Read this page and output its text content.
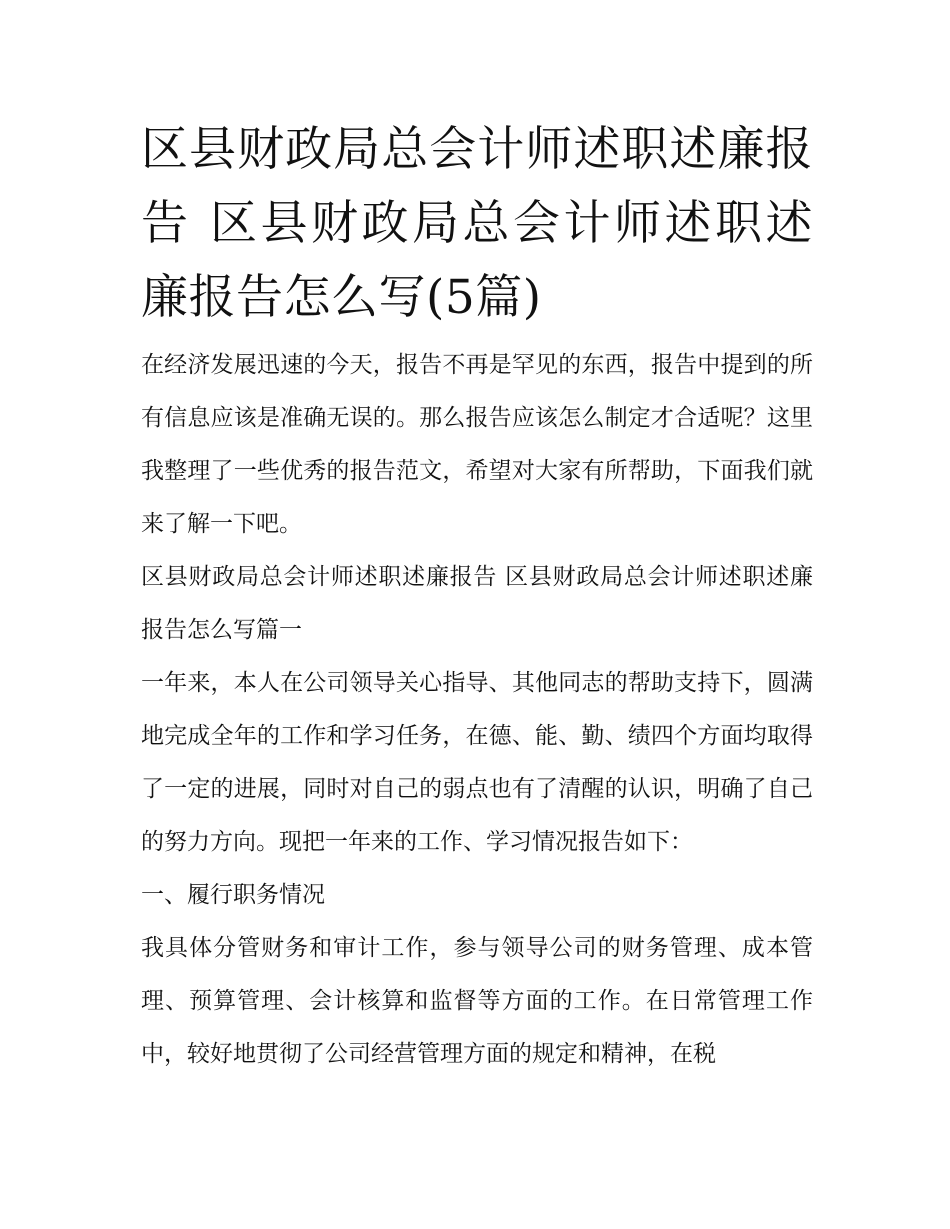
区县财政局总会计师述职述廉报告 区县财政局总会计师述职述廉报告怎么写(5篇)

在经济发展迅速的今天，报告不再是罕见的东西，报告中提到的所有信息应该是准确无误的。那么报告应该怎么制定才合适呢？这里我整理了一些优秀的报告范文，希望对大家有所帮助，下面我们就来了解一下吧。

区县财政局总会计师述职述廉报告 区县财政局总会计师述职述廉报告怎么写篇一

一年来，本人在公司领导关心指导、其他同志的帮助支持下，圆满地完成全年的工作和学习任务，在德、能、勤、绩四个方面均取得了一定的进展，同时对自己的弱点也有了清醒的认识，明确了自己的努力方向。现把一年来的工作、学习情况报告如下：

一、履行职务情况

我具体分管财务和审计工作，参与领导公司的财务管理、成本管理、预算管理、会计核算和监督等方面的工作。在日常管理工作中，较好地贯彻了公司经营管理方面的规定和精神，在税
